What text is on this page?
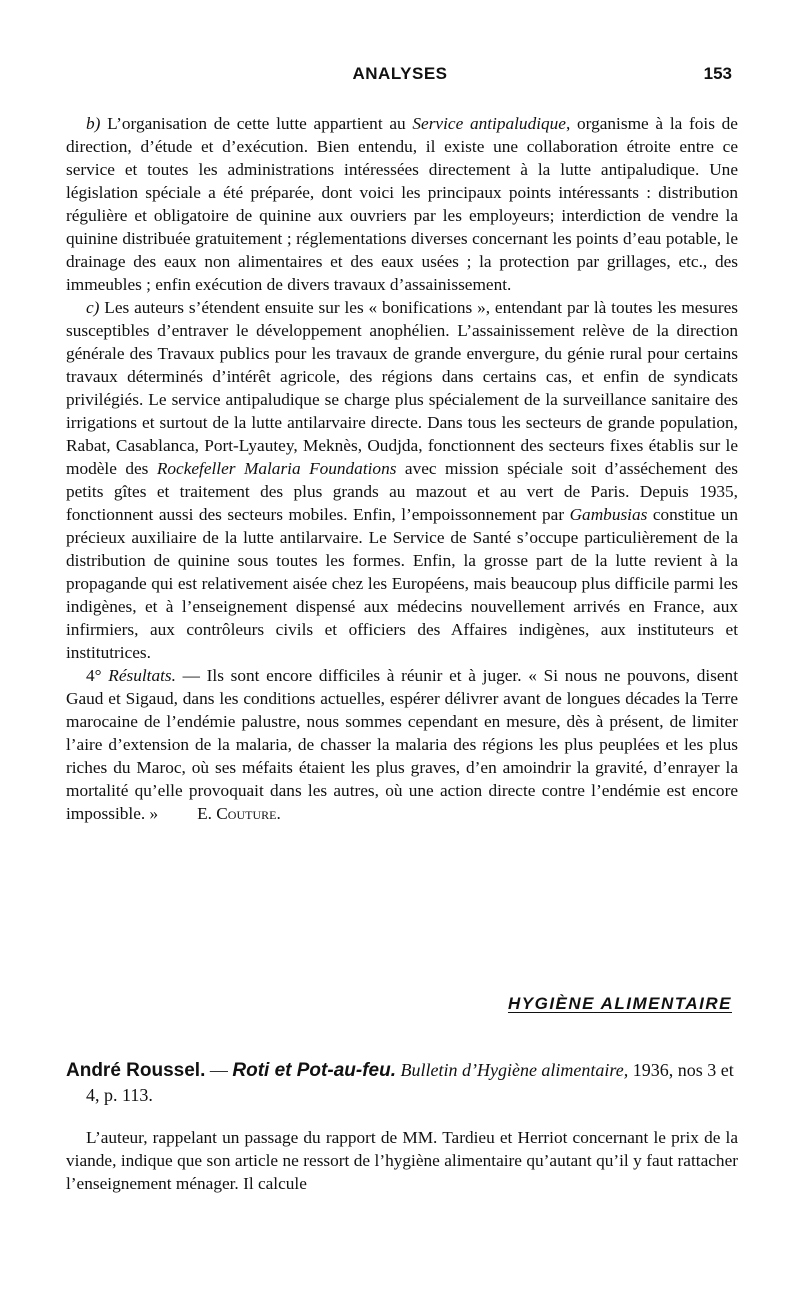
ANALYSES	153

b) L’organisation de cette lutte appartient au Service antipaludique, organisme à la fois de direction, d’étude et d’exécution. Bien entendu, il existe une collaboration étroite entre ce service et toutes les administrations intéressées directement à la lutte antipaludique. Une législation spéciale a été préparée, dont voici les principaux points intéressants : distribution régulière et obligatoire de quinine aux ouvriers par les employeurs; interdiction de vendre la quinine distribuée gratuitement ; réglementations diverses concernant les points d’eau potable, le drainage des eaux non alimentaires et des eaux usées ; la protection par grillages, etc., des immeubles ; enfin exécution de divers travaux d’assainissement.

c) Les auteurs s’étendent ensuite sur les « bonifications », entendant par là toutes les mesures susceptibles d’entraver le développement anophélien. L’assainissement relève de la direction générale des Travaux publics pour les travaux de grande envergure, du génie rural pour certains travaux déterminés d’intérêt agricole, des régions dans certains cas, et enfin de syndicats privilégiés. Le service antipaludique se charge plus spécialement de la surveillance sanitaire des irrigations et surtout de la lutte antilarvaire directe. Dans tous les secteurs de grande population, Rabat, Casablanca, Port-Lyautey, Meknès, Oudjda, fonctionnent des secteurs fixes établis sur le modèle des Rockefeller Malaria Foundations avec mission spéciale soit d’asséchement des petits gîtes et traitement des plus grands au mazout et au vert de Paris. Depuis 1935, fonctionnent aussi des secteurs mobiles. Enfin, l’empoissonnement par Gambusias constitue un précieux auxiliaire de la lutte antilarvaire. Le Service de Santé s’occupe particulièrement de la distribution de quinine sous toutes les formes. Enfin, la grosse part de la lutte revient à la propagande qui est relativement aisée chez les Européens, mais beaucoup plus difficile parmi les indigènes, et à l’enseignement dispensé aux médecins nouvellement arrivés en France, aux infirmiers, aux contrôleurs civils et officiers des Affaires indigènes, aux instituteurs et institutrices.

4° Résultats. — Ils sont encore difficiles à réunir et à juger. « Si nous ne pouvons, disent Gaud et Sigaud, dans les conditions actuelles, espérer délivrer avant de longues décades la Terre marocaine de l’endémie palustre, nous sommes cependant en mesure, dès à présent, de limiter l’aire d’extension de la malaria, de chasser la malaria des régions les plus peuplées et les plus riches du Maroc, où ses méfaits étaient les plus graves, d’en amoindrir la gravité, d’enrayer la mortalité qu’elle provoquait dans les autres, où une action directe contre l’endémie est encore impossible. » E. Couture.

HYGIÈNE ALIMENTAIRE
André Roussel. — Roti et Pot-au-feu. Bulletin d’Hygiène alimentaire, 1936, nos 3 et 4, p. 113.

L’auteur, rappelant un passage du rapport de MM. Tardieu et Herriot concernant le prix de la viande, indique que son article ne ressort de l’hygiène alimentaire qu’autant qu’il y faut rattacher l’enseignement ménager. Il calcule
